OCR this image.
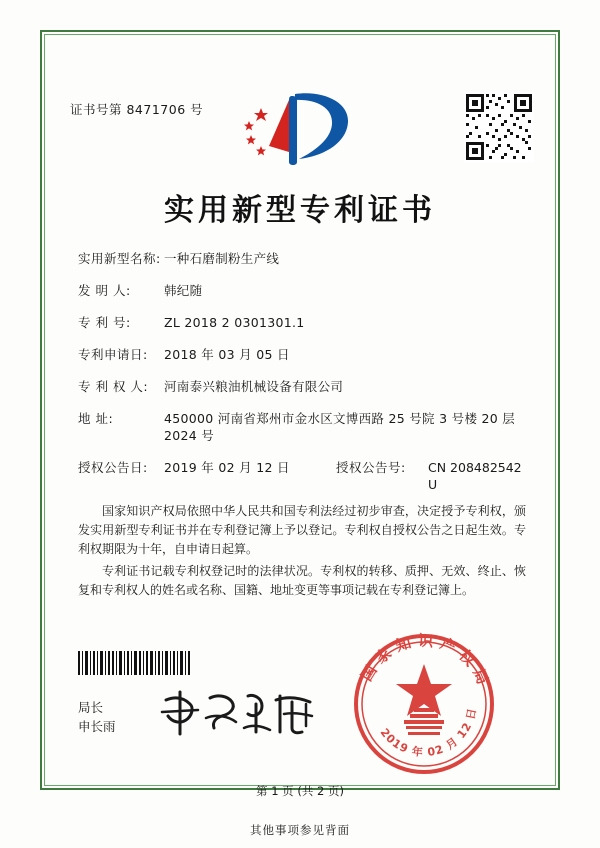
证书号第 8471706 号
实用新型专利证书
实用新型名称: 一种石磨制粉生产线
发 明 人:	韩纪随
专 利 号:	ZL 2018 2 0301301.1
专利申请日:	2018 年 03 月 05 日
专 利 权 人:	河南泰兴粮油机械设备有限公司
地 址:	450000 河南省郑州市金水区文博西路 25 号院 3 号楼 20 层 2024 号
授权公告日:	2019 年 02 月 12 日	授权公告号:	CN 208482542 U

国家知识产权局依照中华人民共和国专利法经过初步审查，决定授予专利权，颁发实用新型专利证书并在专利登记簿上予以登记。专利权自授权公告之日起生效。专利权期限为十年，自申请日起算。

专利证书记载专利权登记时的法律状况。专利权的转移、质押、无效、终止、恢复和专利权人的姓名或名称、国籍、地址变更等事项记载在专利登记簿上。

局长
申长雨
国家知识产权局
2019 年 02 月 12 日
第 1 页 (共 2 页)
其他事项参见背面
